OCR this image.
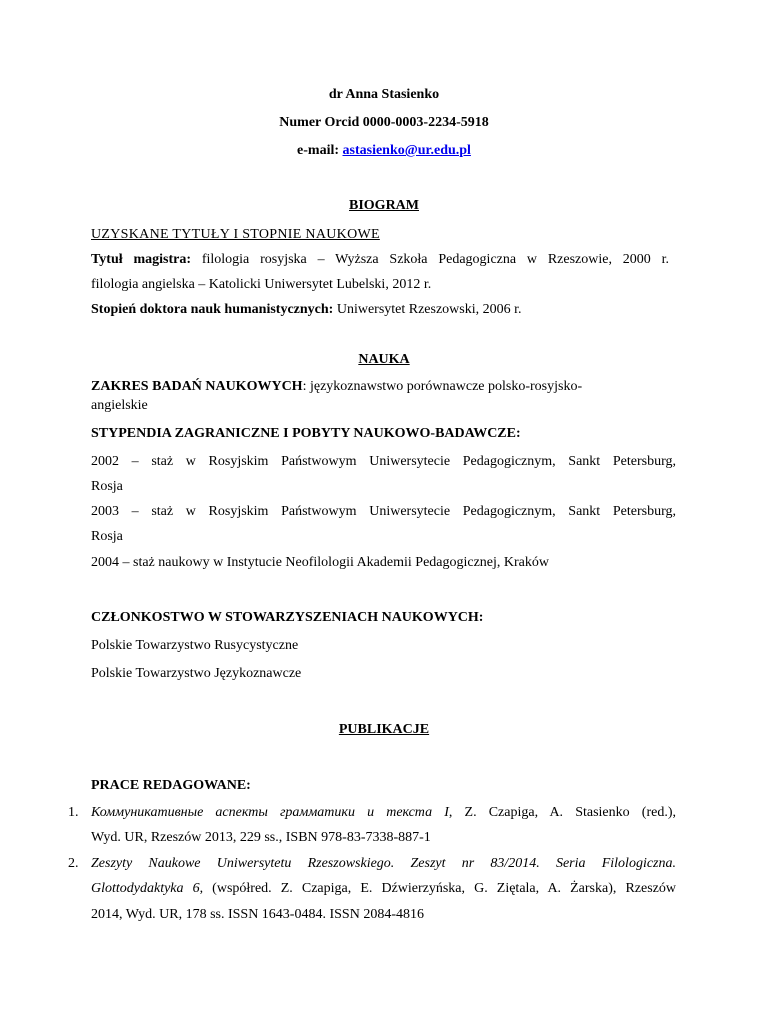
dr Anna Stasienko
Numer Orcid 0000-0003-2234-5918
e-mail: astasienko@ur.edu.pl
BIOGRAM
UZYSKANE TYTUŁY I STOPNIE NAUKOWE
Tytuł magistra: filologia rosyjska – Wyższa Szkoła Pedagogiczna w Rzeszowie, 2000 r.
filologia angielska – Katolicki Uniwersytet Lubelski, 2012 r.
Stopień doktora nauk humanistycznych: Uniwersytet Rzeszowski, 2006 r.
NAUKA
ZAKRES BADAŃ NAUKOWYCH: językoznawstwo porównawcze polsko-rosyjsko-
angielskie
STYPENDIA ZAGRANICZNE I POBYTY NAUKOWO-BADAWCZE:
2002 – staż w Rosyjskim Państwowym Uniwersytecie Pedagogicznym, Sankt Petersburg,
Rosja
2003 – staż w Rosyjskim Państwowym Uniwersytecie Pedagogicznym, Sankt Petersburg,
Rosja
2004 – staż naukowy w Instytucie Neofilologii Akademii Pedagogicznej, Kraków
CZŁONKOSTWO W STOWARZYSZENIACH NAUKOWYCH:
Polskie Towarzystwo Rusycystyczne
Polskie Towarzystwo Językoznawcze
PUBLIKACJE
PRACE REDAGOWANE:
1. Коммуникативные аспекты грамматики и текста I, Z. Czapiga, A. Stasienko (red.),
Wyd. UR, Rzeszów 2013, 229 ss., ISBN 978-83-7338-887-1
2. Zeszyty Naukowe Uniwersytetu Rzeszowskiego. Zeszyt nr 83/2014. Seria Filologiczna.
Glottodydaktyka 6, (współred. Z. Czapiga, E. Dźwierzyńska, G. Ziętala, A. Żarska), Rzeszów
2014, Wyd. UR, 178 ss. ISSN 1643-0484. ISSN 2084-4816
